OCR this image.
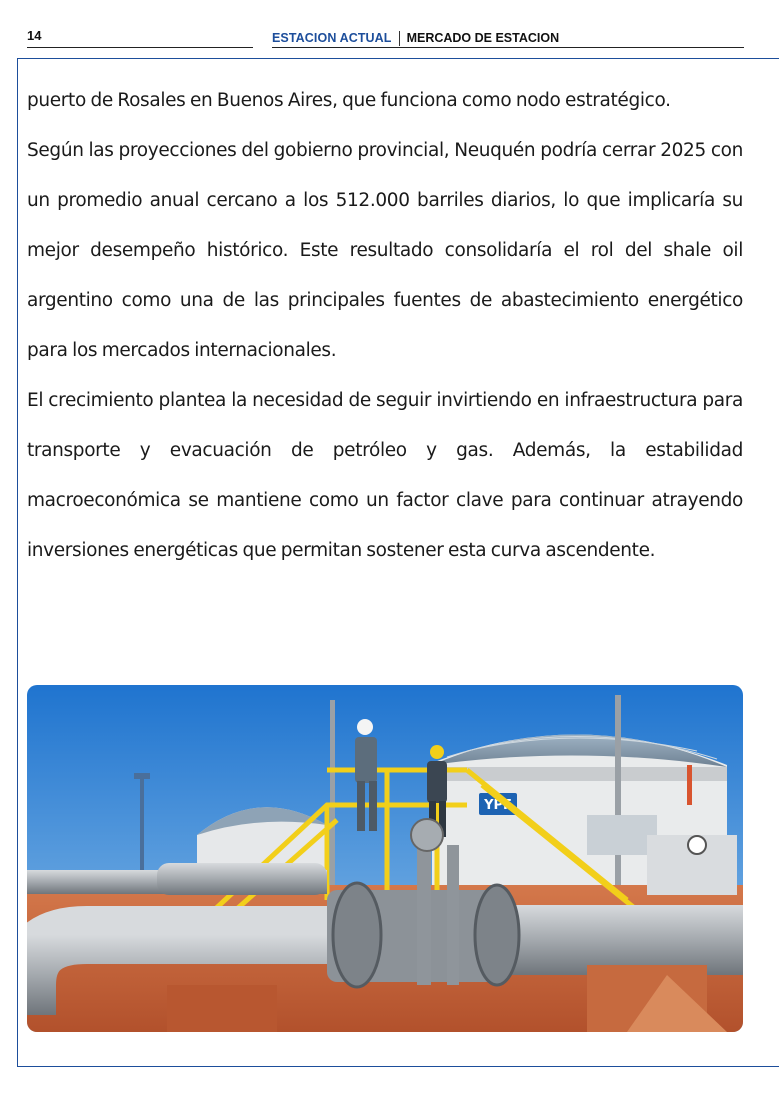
14	ESTACION ACTUAL MERCADO DE ESTACION

puerto de Rosales en Buenos Aires, que funciona como nodo estratégico.

Según las proyecciones del gobierno provincial, Neuquén podría cerrar 2025 con un promedio anual cercano a los 512.000 barriles diarios, lo que implicaría su mejor desempeño histórico. Este resultado consolidaría el rol del shale oil argentino como una de las principales fuentes de abastecimiento energético para los mercados internacionales.

El crecimiento plantea la necesidad de seguir invirtiendo en infraestructura para transporte y evacuación de petróleo y gas. Además, la estabilidad macroeconómica se mantiene como un factor clave para continuar atrayendo inversiones energéticas que permitan sostener esta curva ascendente.

YPF
